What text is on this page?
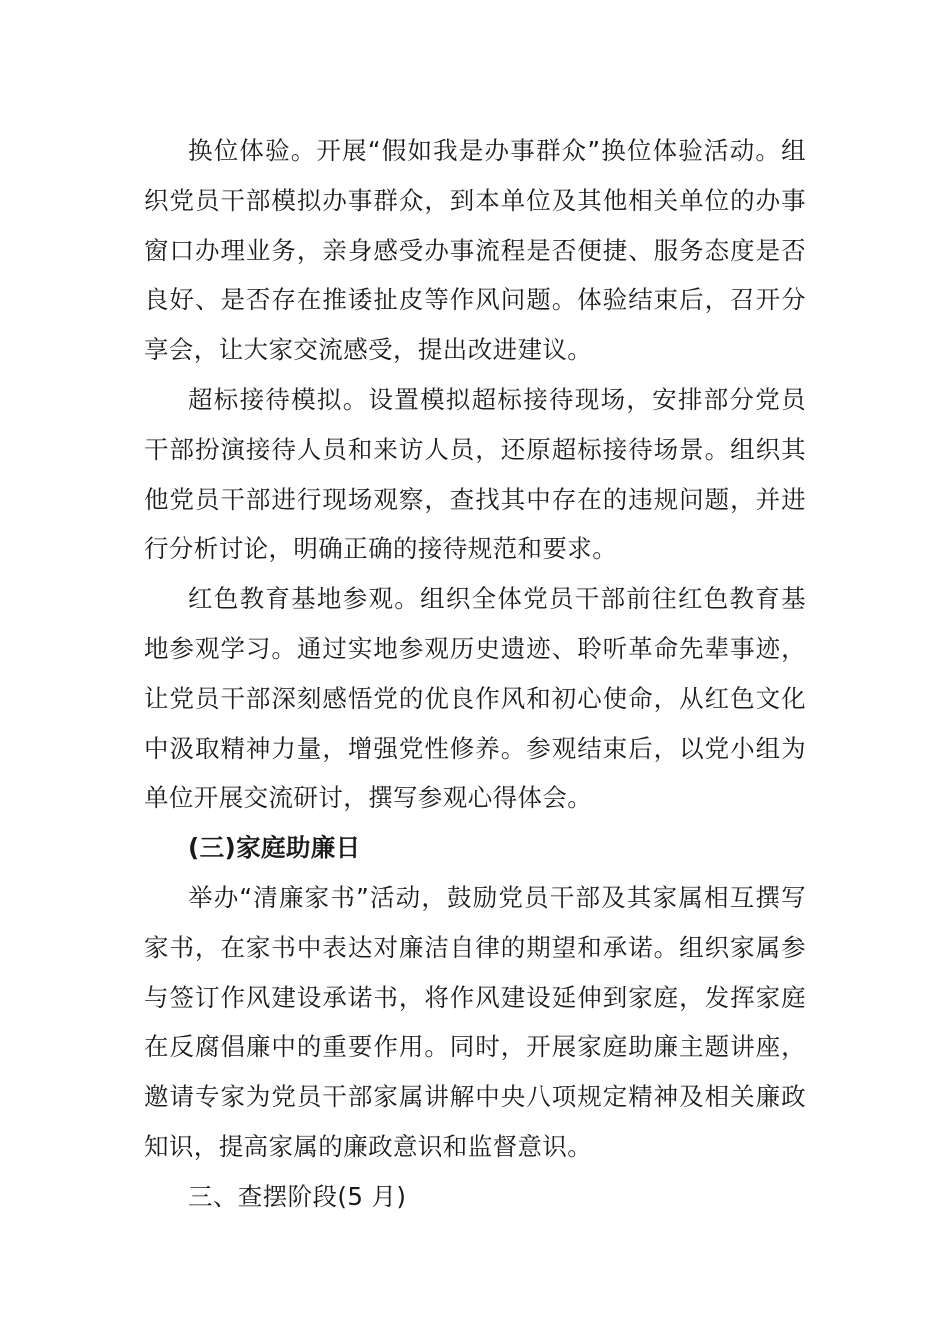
换位体验。开展“假如我是办事群众”换位体验活动。组织党员干部模拟办事群众，到本单位及其他相关单位的办事窗口办理业务，亲身感受办事流程是否便捷、服务态度是否良好、是否存在推诿扯皮等作风问题。体验结束后，召开分享会，让大家交流感受，提出改进建议。

超标接待模拟。设置模拟超标接待现场，安排部分党员干部扮演接待人员和来访人员，还原超标接待场景。组织其他党员干部进行现场观察，查找其中存在的违规问题，并进行分析讨论，明确正确的接待规范和要求。

红色教育基地参观。组织全体党员干部前往红色教育基地参观学习。通过实地参观历史遗迹、聆听革命先辈事迹，让党员干部深刻感悟党的优良作风和初心使命，从红色文化中汲取精神力量，增强党性修养。参观结束后，以党小组为单位开展交流研讨，撰写参观心得体会。

(三)家庭助廉日

举办“清廉家书”活动，鼓励党员干部及其家属相互撰写家书，在家书中表达对廉洁自律的期望和承诺。组织家属参与签订作风建设承诺书，将作风建设延伸到家庭，发挥家庭在反腐倡廉中的重要作用。同时，开展家庭助廉主题讲座，邀请专家为党员干部家属讲解中央八项规定精神及相关廉政知识，提高家属的廉政意识和监督意识。

三、查摆阶段(5 月)
